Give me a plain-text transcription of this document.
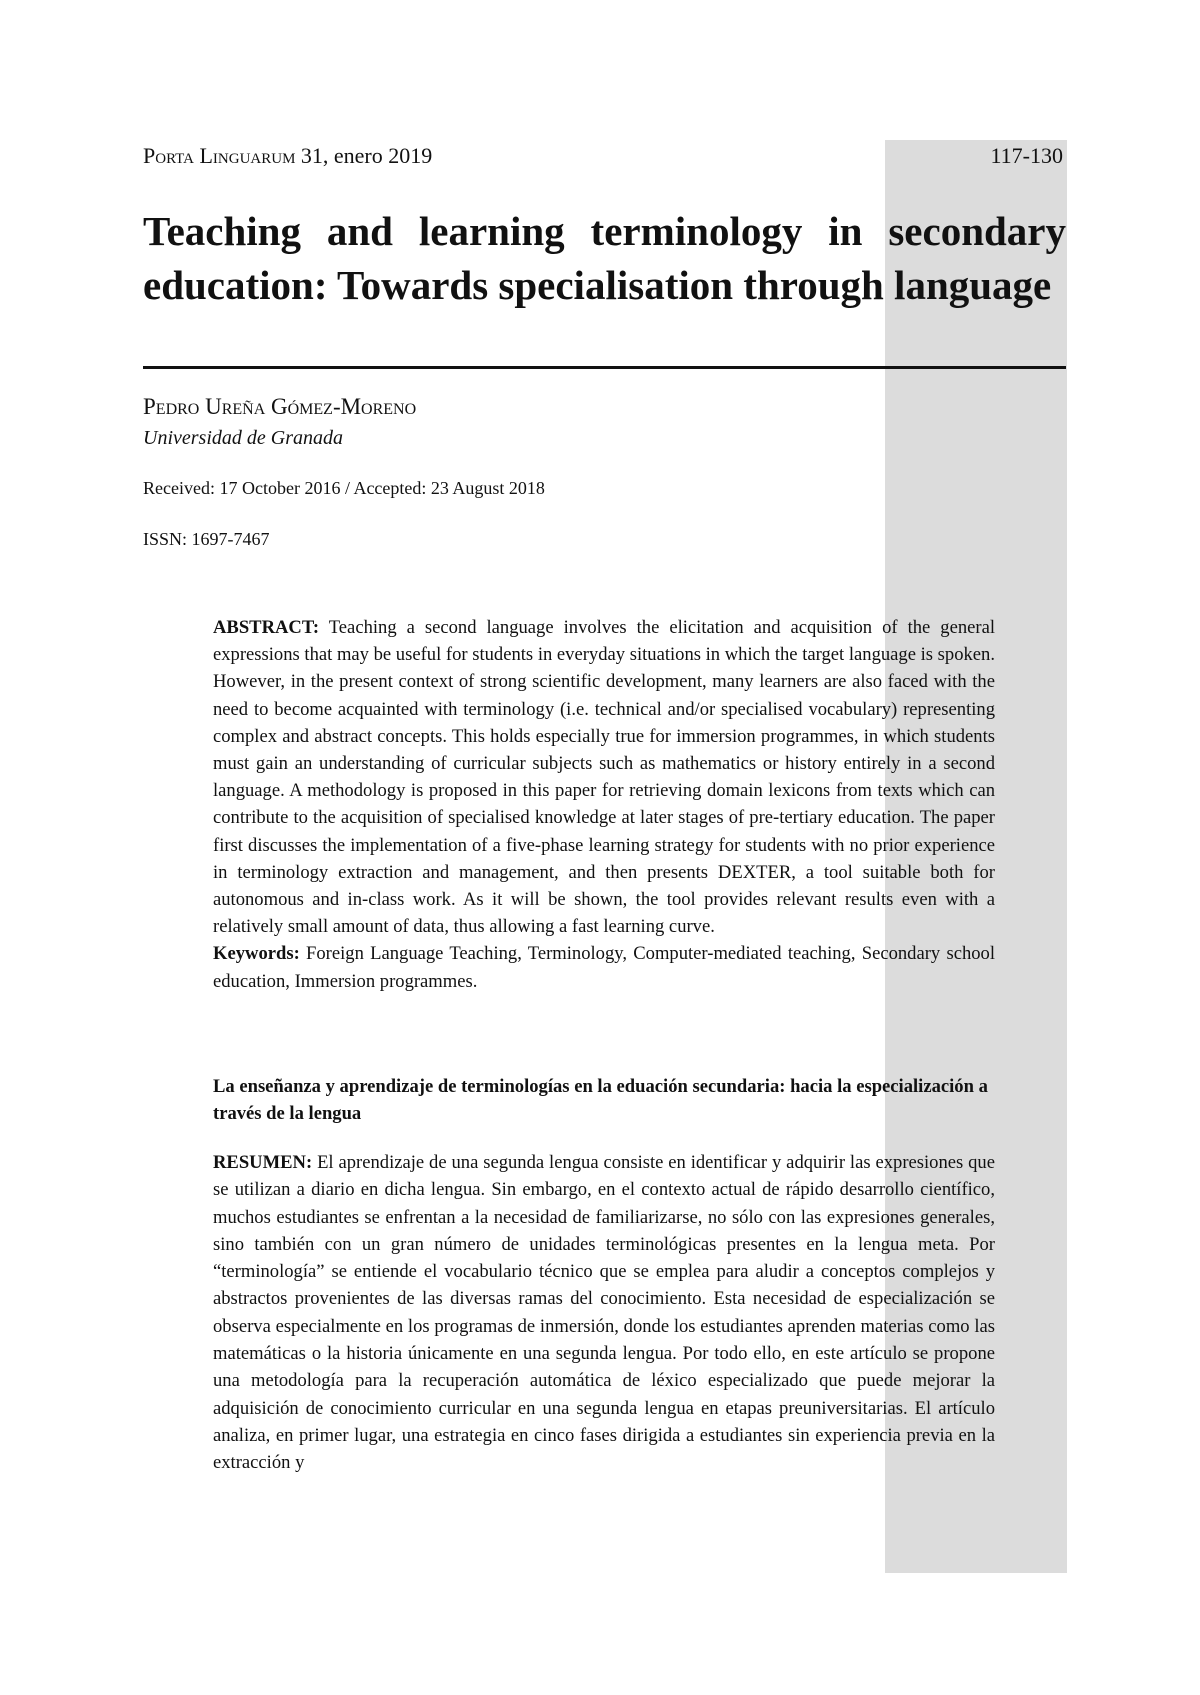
Porta Linguarum 31, enero 2019	117-130
Teaching and learning terminology in secondary education: Towards specialisation through language
Pedro Ureña Gómez-Moreno
Universidad de Granada
Received: 17 October 2016 / Accepted: 23 August 2018
ISSN: 1697-7467

ABSTRACT: Teaching a second language involves the elicitation and acquisition of the general expressions that may be useful for students in everyday situations in which the target language is spoken. However, in the present context of strong scientific development, many learners are also faced with the need to become acquainted with terminology (i.e. technical and/or specialised vocabulary) representing complex and abstract concepts. This holds especially true for immersion programmes, in which students must gain an understanding of curricular subjects such as mathematics or history entirely in a second language. A methodology is proposed in this paper for retrieving domain lexicons from texts which can contribute to the acquisition of specialised knowledge at later stages of pre-tertiary education. The paper first discusses the implementation of a five-phase learning strategy for students with no prior experience in terminology extraction and management, and then presents DEXTER, a tool suitable both for autonomous and in-class work. As it will be shown, the tool provides relevant results even with a relatively small amount of data, thus allowing a fast learning curve.
Keywords: Foreign Language Teaching, Terminology, Computer-mediated teaching, Secondary school education, Immersion programmes.

La enseñanza y aprendizaje de terminologías en la eduación secundaria: hacia la especialización a través de la lengua

RESUMEN: El aprendizaje de una segunda lengua consiste en identificar y adquirir las expresiones que se utilizan a diario en dicha lengua. Sin embargo, en el contexto actual de rápido desarrollo científico, muchos estudiantes se enfrentan a la necesidad de familiarizarse, no sólo con las expresiones generales, sino también con un gran número de unidades terminológicas presentes en la lengua meta. Por “terminología” se entiende el vocabulario técnico que se emplea para aludir a conceptos complejos y abstractos provenientes de las diversas ramas del conocimiento. Esta necesidad de especialización se observa especialmente en los programas de inmersión, donde los estudiantes aprenden materias como las matemáticas o la historia únicamente en una segunda lengua. Por todo ello, en este artículo se propone una metodología para la recuperación automática de léxico especializado que puede mejorar la adquisición de conocimiento curricular en una segunda lengua en etapas preuniversitarias. El artículo analiza, en primer lugar, una estrategia en cinco fases dirigida a estudiantes sin experiencia previa en la extracción y
